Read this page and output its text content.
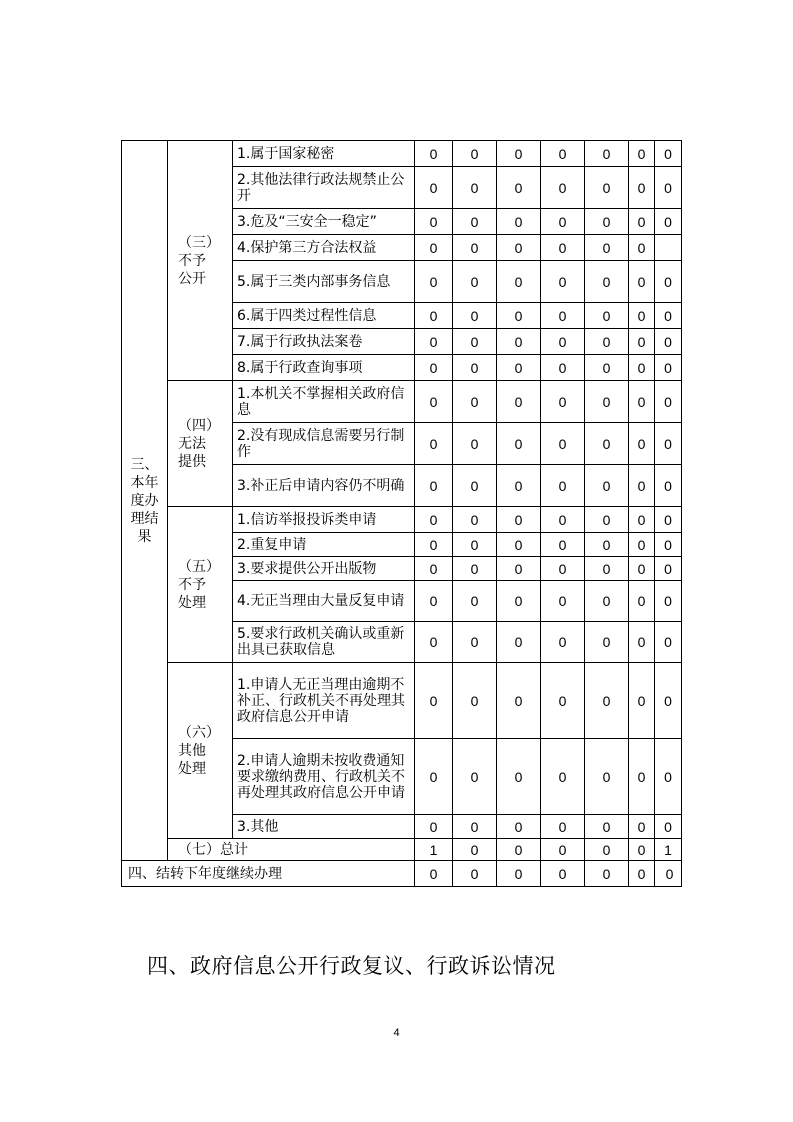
三、本年度办理结果	（三）不予公开	1.属于国家秘密	0	0	0	0	0	0	0
		2.其他法律行政法规禁止公开	0	0	0	0	0	0	0
		3.危及“三安全一稳定”	0	0	0	0	0	0	0
		4.保护第三方合法权益	0	0	0	0	0	0	
		5.属于三类内部事务信息	0	0	0	0	0	0	0
		6.属于四类过程性信息	0	0	0	0	0	0	0
		7.属于行政执法案卷	0	0	0	0	0	0	0
		8.属于行政查询事项	0	0	0	0	0	0	0
	（四）无法提供	1.本机关不掌握相关政府信息	0	0	0	0	0	0	0
		2.没有现成信息需要另行制作	0	0	0	0	0	0	0
		3.补正后申请内容仍不明确	0	0	0	0	0	0	0
	（五）不予处理	1.信访举报投诉类申请	0	0	0	0	0	0	0
		2.重复申请	0	0	0	0	0	0	0
		3.要求提供公开出版物	0	0	0	0	0	0	0
		4.无正当理由大量反复申请	0	0	0	0	0	0	0
		5.要求行政机关确认或重新出具已获取信息	0	0	0	0	0	0	0
	（六）其他处理	1.申请人无正当理由逾期不补正、行政机关不再处理其政府信息公开申请	0	0	0	0	0	0	0
		2.申请人逾期未按收费通知要求缴纳费用、行政机关不再处理其政府信息公开申请	0	0	0	0	0	0	0
		3.其他	0	0	0	0	0	0	0
	（七）总计		1	0	0	0	0	0	1
四、结转下年度继续办理			0	0	0	0	0	0	0
四、政府信息公开行政复议、行政诉讼情况
4
